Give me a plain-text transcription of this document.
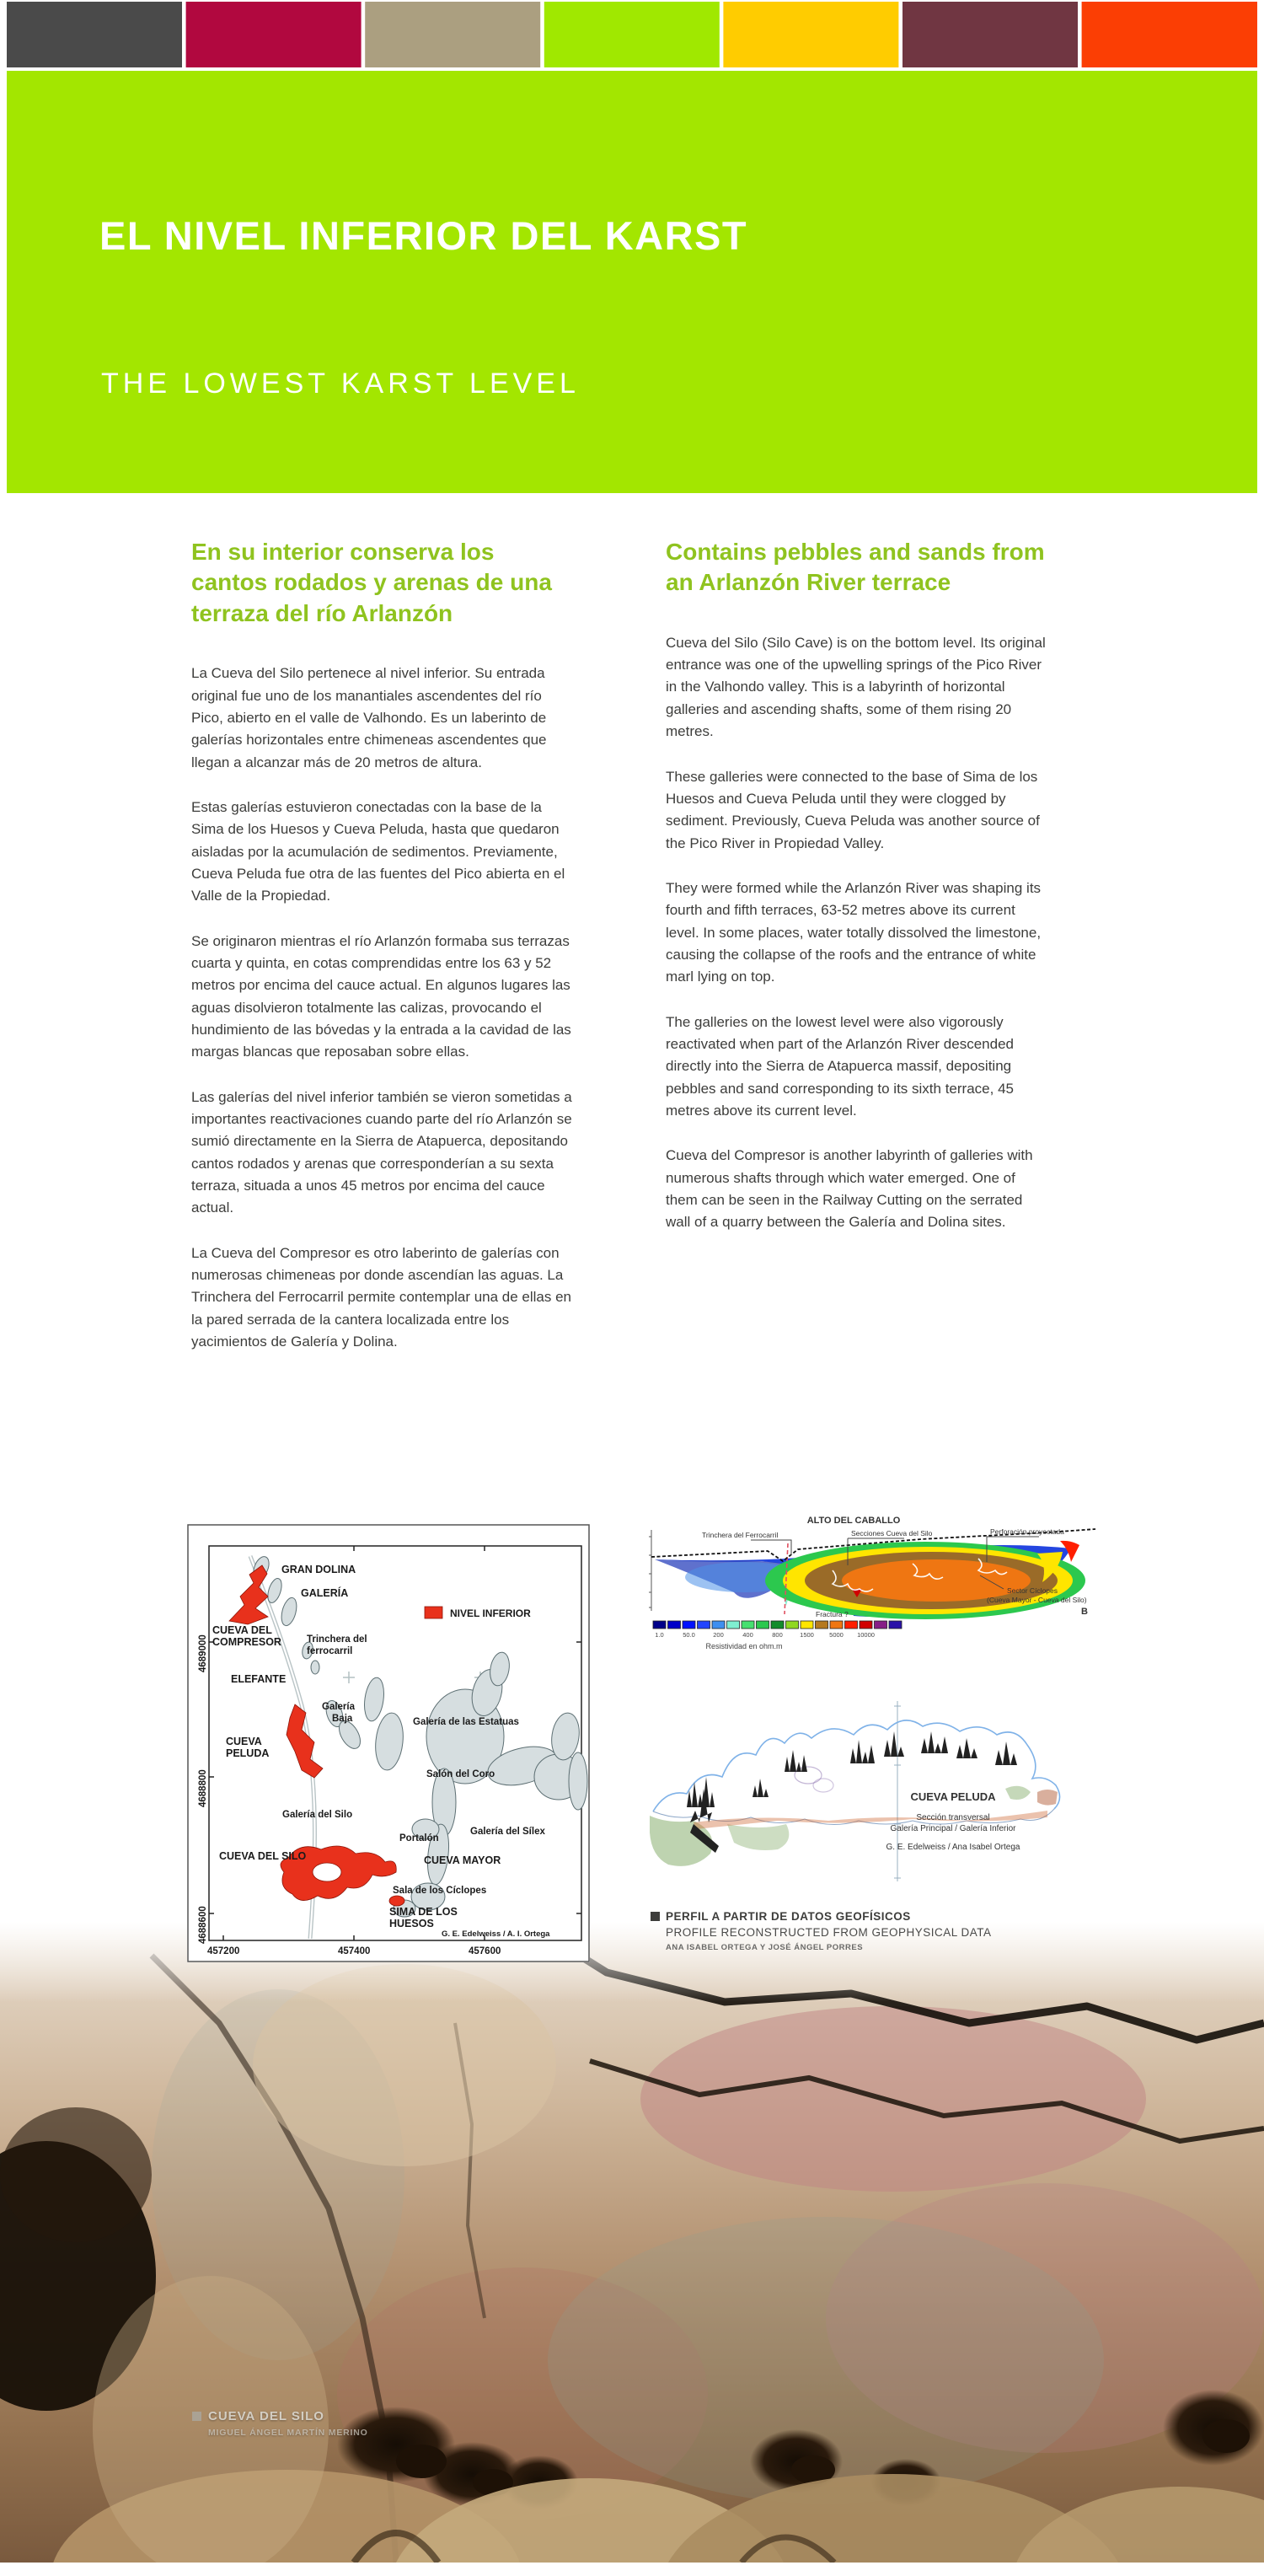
EL NIVEL INFERIOR DEL KARST
THE LOWEST KARST LEVEL
En su interior conserva los cantos rodados y arenas de una terraza del río Arlanzón

La Cueva del Silo pertenece al nivel inferior. Su entrada original fue uno de los manantiales ascendentes del río Pico, abierto en el valle de Valhondo. Es un laberinto de galerías horizontales entre chimeneas ascendentes que llegan a alcanzar más de 20 metros de altura.

Estas galerías estuvieron conectadas con la base de la Sima de los Huesos y Cueva Peluda, hasta que quedaron aisladas por la acumulación de sedimentos. Previamente, Cueva Peluda fue otra de las fuentes del Pico abierta en el Valle de la Propiedad.

Se originaron mientras el río Arlanzón formaba sus terrazas cuarta y quinta, en cotas comprendidas entre los 63 y 52 metros por encima del cauce actual. En algunos lugares las aguas disolvieron totalmente las calizas, provocando el hundimiento de las bóvedas y la entrada a la cavidad de las margas blancas que reposaban sobre ellas.

Las galerías del nivel inferior también se vieron sometidas a importantes reactivaciones cuando parte del río Arlanzón se sumió directamente en la Sierra de Atapuerca, depositando cantos rodados y arenas que corresponderían a su sexta terraza, situada a unos 45 metros por encima del cauce actual.

La Cueva del Compresor es otro laberinto de galerías con numerosas chimeneas por donde ascendían las aguas. La Trinchera del Ferrocarril permite contemplar una de ellas en la pared serrada de la cantera localizada entre los yacimientos de Galería y Dolina.

Contains pebbles and sands from an Arlanzón River terrace

Cueva del Silo (Silo Cave) is on the bottom level. Its original entrance was one of the upwelling springs of the Pico River in the Valhondo valley. This is a labyrinth of horizontal galleries and ascending shafts, some of them rising 20 metres.

These galleries were connected to the base of Sima de los Huesos and Cueva Peluda until they were clogged by sediment. Previously, Cueva Peluda was another source of the Pico River in Propiedad Valley.

They were formed while the Arlanzón River was shaping its fourth and fifth terraces, 63-52 metres above its current level. In some places, water totally dissolved the limestone, causing the collapse of the roofs and the entrance of white marl lying on top.

The galleries on the lowest level were also vigorously reactivated when part of the Arlanzón River descended directly into the Sierra de Atapuerca massif, depositing pebbles and sand corresponding to its sixth terrace, 45 metres above its current level.

Cueva del Compresor is another labyrinth of galleries with numerous shafts through which water emerged. One of them can be seen in the Railway Cutting on the serrated wall of a quarry between the Galería and Dolina sites.

NIVEL INFERIOR
GRAN DOLINA
GALERÍA
CUEVA DEL
COMPRESOR	Trinchera del
ferrocarril
ELEFANTE
Galería
Baja	Galería de las Estatuas
CUEVA
PELUDA
Salón del Coro
Galería del Silo
Galería del Sílex
Portalón
CUEVA DEL SILO	CUEVA MAYOR
Sala de los Cíclopes
SIMA DE LOS
HUESOS
G. E. Edelweiss / A. I. Ortega
4689000
4688800
4688600
457200	457400	457600
1.0	50.0	200	400	800	1500 5000 10000
Resistividad en ohm.m
ALTO DEL CABALLO
Trinchera del Ferrocarril	Secciones Cueva del Silo	Perforación proyectada
Sector Cíclopes
(Cueva Mayor - Cueva del Silo)
Fractura ?	B
CUEVA PELUDA
Sección transversal
Galería Principal / Galería Inferior
G. E. Edelweiss / Ana Isabel Ortega
PERFIL A PARTIR DE DATOS GEOFÍSICOS
PROFILE RECONSTRUCTED FROM GEOPHYSICAL DATA
ANA ISABEL ORTEGA Y JOSÉ ÁNGEL PORRES
CUEVA DEL SILO
MIGUEL ÁNGEL MARTÍN MERINO
